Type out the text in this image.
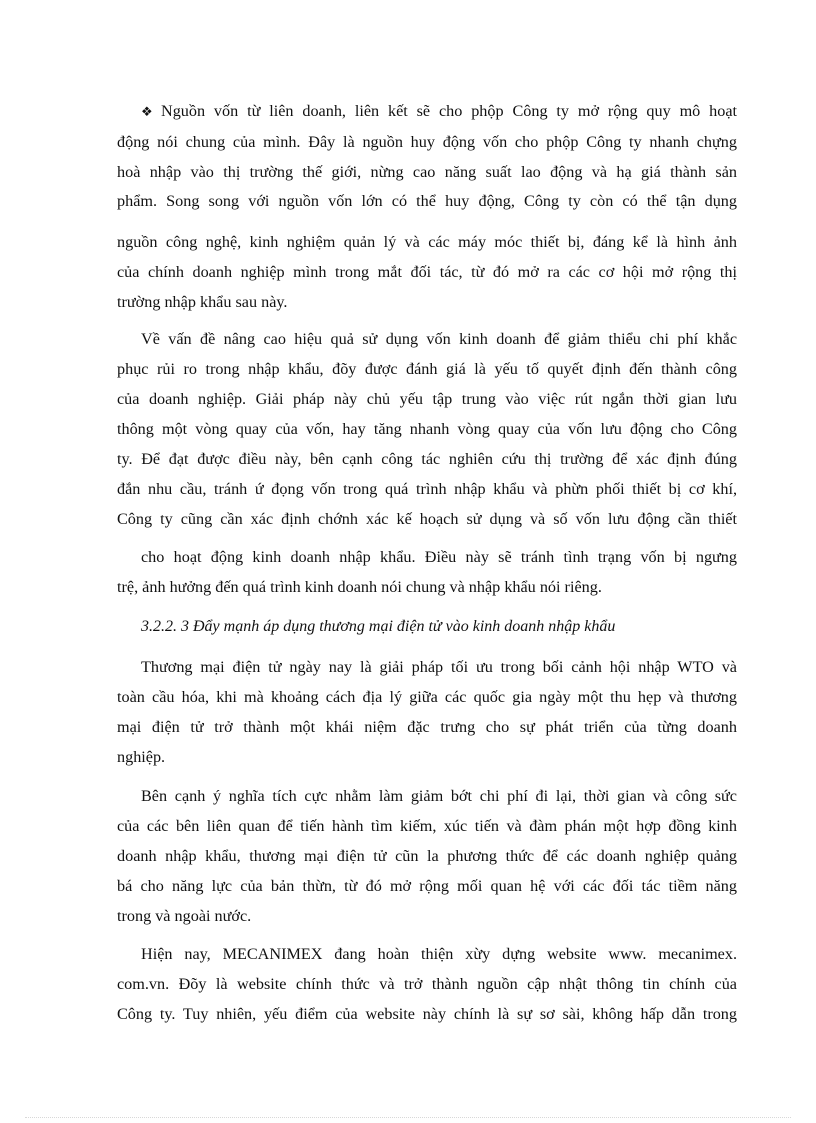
❖ Nguồn vốn từ liên doanh, liên kết sẽ cho phộp Công ty mở rộng quy mô hoạt
động nói chung của mình. Đây là nguồn huy động vốn cho phộp Công ty nhanh chựng
hoà nhập vào thị trường thế giới, nừng cao năng suất lao động và hạ giá thành sản
phẩm. Song song với nguồn vốn lớn có thể huy động, Công ty còn có thể tận dụng
nguồn công nghệ, kinh nghiệm quản lý và các máy móc thiết bị, đáng kể là hình ảnh
của chính doanh nghiệp mình trong mắt đối tác, từ đó mở ra các cơ hội mở rộng thị
trường nhập khẩu sau này.
Về vấn đề nâng cao hiệu quả sử dụng vốn kinh doanh để giảm thiểu chi phí khắc
phục rủi ro trong nhập khẩu, đõy được đánh giá là yếu tố quyết định đến thành công
của doanh nghiệp. Giải pháp này chủ yếu tập trung vào việc rút ngắn thời gian lưu
thông một vòng quay của vốn, hay tăng nhanh vòng quay của vốn lưu động cho Công
ty. Để đạt được điều này, bên cạnh công tác nghiên cứu thị trường để xác định đúng
đắn nhu cầu, tránh ứ đọng vốn trong quá trình nhập khẩu và phừn phối thiết bị cơ khí,
Công ty cũng cần xác định chớnh xác kế hoạch sử dụng và số vốn lưu động cần thiết
cho hoạt động kinh doanh nhập khẩu. Điều này sẽ tránh tình trạng vốn bị ngưng
trệ, ảnh hưởng đến quá trình kinh doanh nói chung và nhập khẩu nói riêng.
3.2.2. 3 Đẩy mạnh áp dụng thương mại điện tử vào kinh doanh nhập khẩu
Thương mại điện tử ngày nay là giải pháp tối ưu trong bối cảnh hội nhập WTO và
toàn cầu hóa, khi mà khoảng cách địa lý giữa các quốc gia ngày một thu hẹp và thương
mại điện tử trở thành một khái niệm đặc trưng cho sự phát triển của từng doanh
nghiệp.
Bên cạnh ý nghĩa tích cực nhằm làm giảm bớt chi phí đi lại, thời gian và công sức
của các bên liên quan để tiến hành tìm kiếm, xúc tiến và đàm phán một hợp đồng kinh
doanh nhập khẩu, thương mại điện tử cũn la phương thức để các doanh nghiệp quảng
bá cho năng lực của bản thừn, từ đó mở rộng mối quan hệ với các đối tác tiềm năng
trong và ngoài nước.
Hiện nay, MECANIMEX đang hoàn thiện xừy dựng website www. mecanimex.
com.vn. Đõy là website chính thức và trở thành nguồn cập nhật thông tin chính của
Công ty. Tuy nhiên, yếu điểm của website này chính là sự sơ sài, không hấp dẫn trong
